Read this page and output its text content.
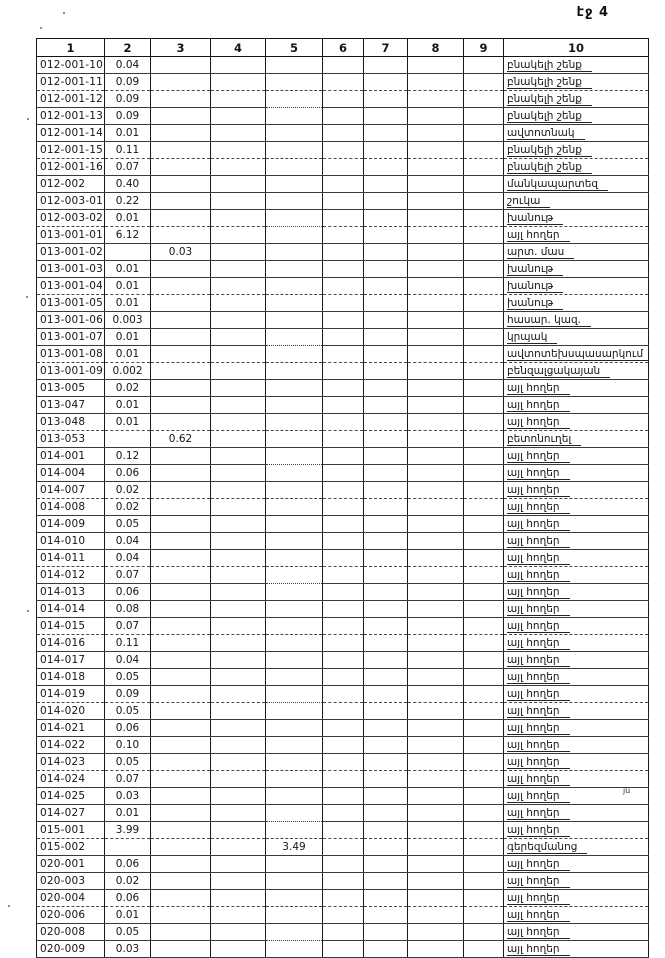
էջ 4
1	2	3	4	5	6	7	8	9	10
012-001-10	0.04								բնակելի շենք
012-001-11	0.09								բնակելի շենք
012-001-12	0.09								բնակելի շենք
012-001-13	0.09								բնակելի շենք
012-001-14	0.01								ավտոտնակ
012-001-15	0.11								բնակելի շենք
012-001-16	0.07								բնակելի շենք
012-002	0.40								մանկապարտեզ
012-003-01	0.22								շուկա
012-003-02	0.01								խանութ
013-001-01	6.12								այլ հողեր
013-001-02		0.03							արտ. մաս
013-001-03	0.01								խանութ
013-001-04	0.01								խանութ
013-001-05	0.01								խանութ
013-001-06	0.003								հասար. կազ.
013-001-07	0.01								կրպակ
013-001-08	0.01								ավտոտեխսպասարկում
013-001-09	0.002								բենզալցակայան
013-005	0.02								այլ հողեր
013-047	0.01								այլ հողեր
013-048	0.01								այլ հողեր
013-053		0.62							բետոնուղել
014-001	0.12								այլ հողեր
014-004	0.06								այլ հողեր
014-007	0.02								այլ հողեր
014-008	0.02								այլ հողեր
014-009	0.05								այլ հողեր
014-010	0.04								այլ հողեր
014-011	0.04								այլ հողեր
014-012	0.07								այլ հողեր
014-013	0.06								այլ հողեր
014-014	0.08								այլ հողեր
014-015	0.07								այլ հողեր
014-016	0.11								այլ հողեր
014-017	0.04								այլ հողեր
014-018	0.05								այլ հողեր
014-019	0.09								այլ հողեր
014-020	0.05								այլ հողեր
014-021	0.06								այլ հողեր
014-022	0.10								այլ հողեր
014-023	0.05								այլ հողեր
014-024	0.07								այլ հողեր
014-025	0.03								այլ հողեր
014-027	0.01								այլ հողեր
015-001	3.99								այլ հողեր
015-002				3.49					գերեզմանոց
020-001	0.06								այլ հողեր
020-003	0.02								այլ հողեր
020-004	0.06								այլ հողեր
020-006	0.01								այլ հողեր
020-008	0.05								այլ հողեր
020-009	0.03								այլ հողեր
յն
